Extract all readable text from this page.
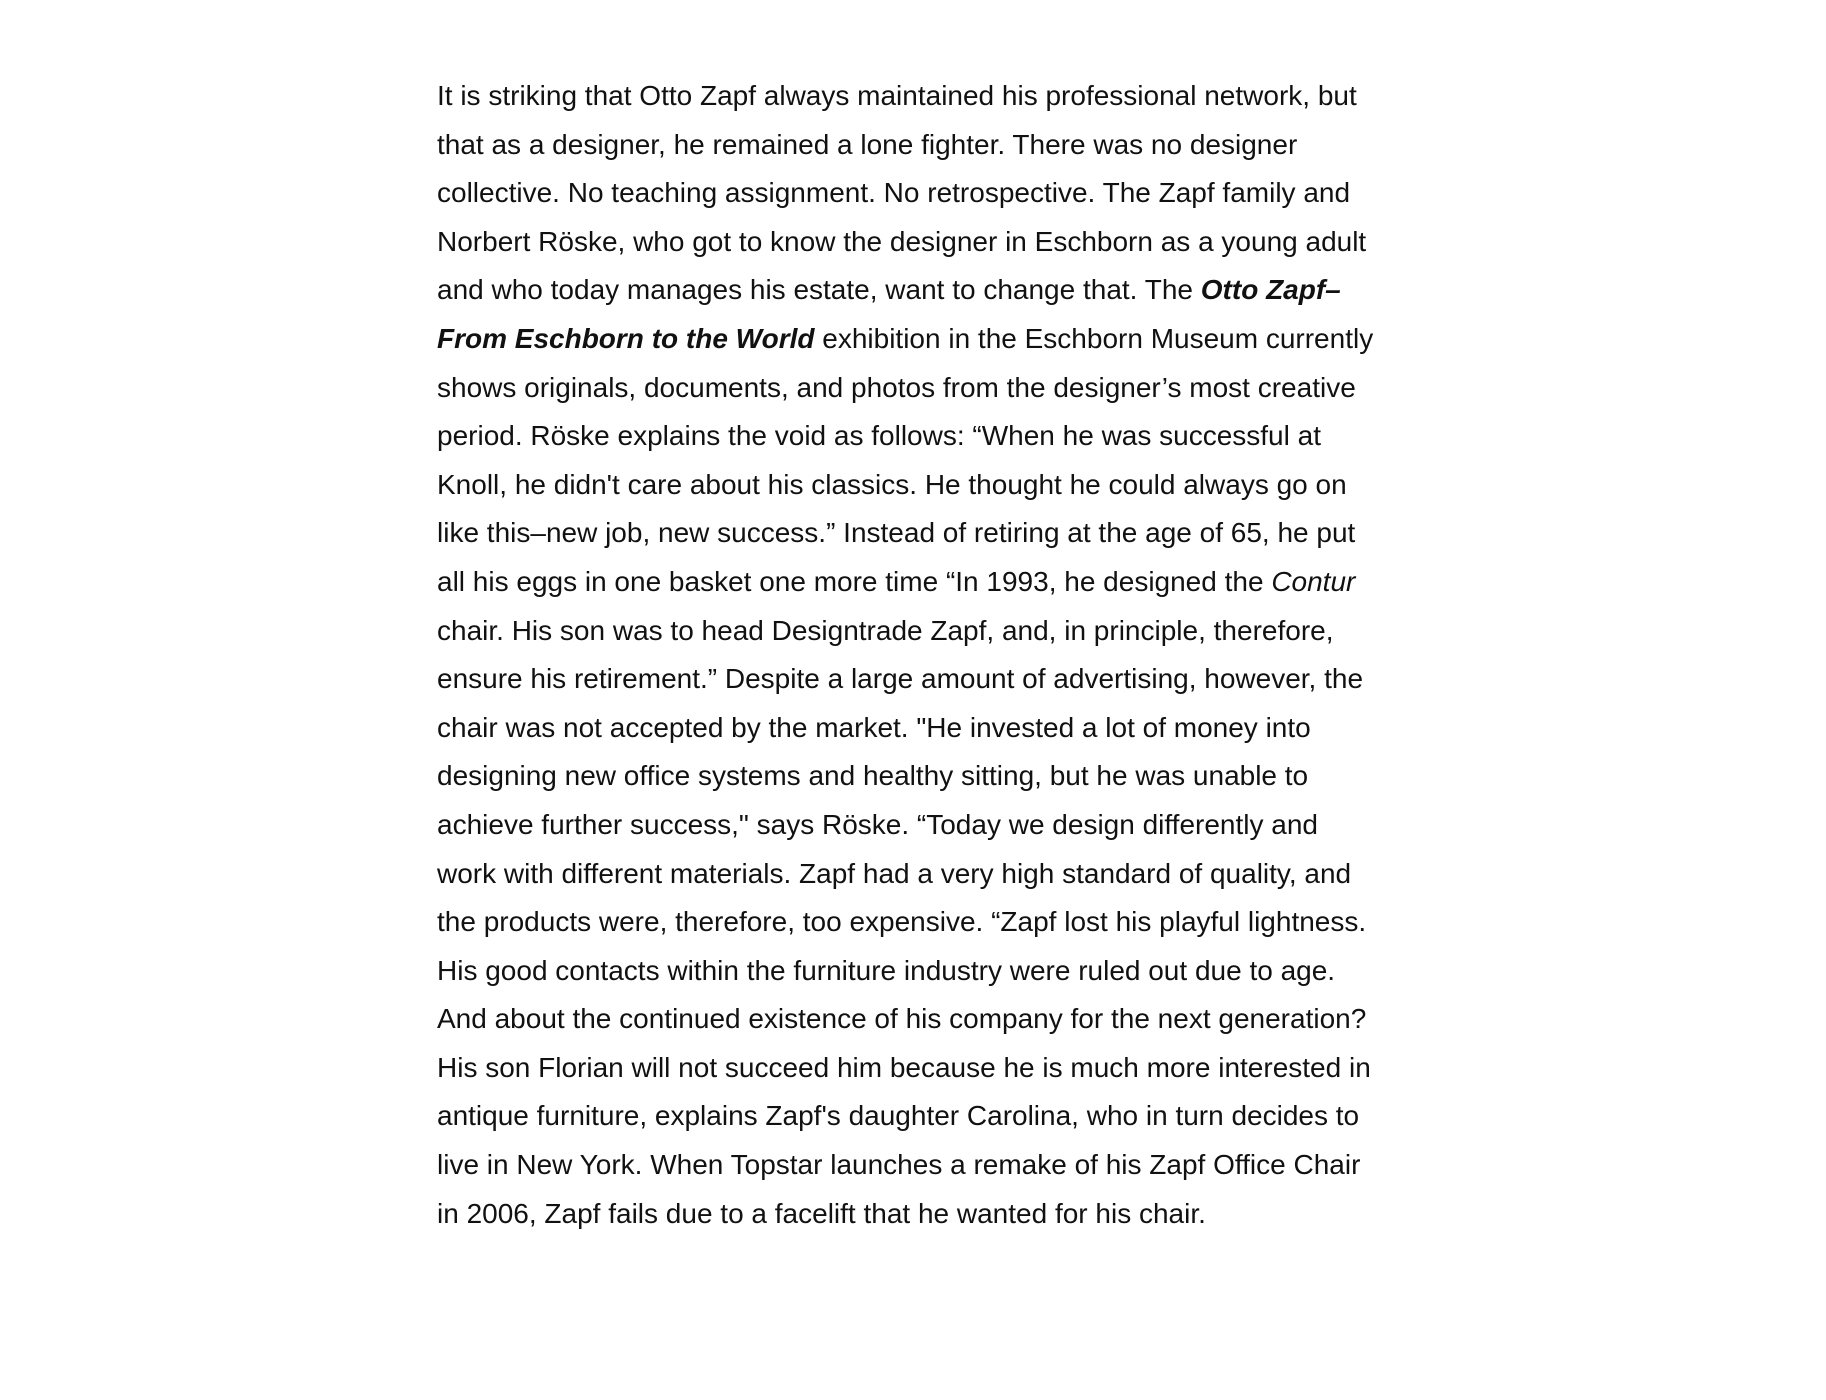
It is striking that Otto Zapf always maintained his professional network, but
that as a designer, he remained a lone fighter. There was no designer
collective. No teaching assignment. No retrospective. The Zapf family and
Norbert Röske, who got to know the designer in Eschborn as a young adult
and who today manages his estate, want to change that. The Otto Zapf–
From Eschborn to the World exhibition in the Eschborn Museum currently
shows originals, documents, and photos from the designer’s most creative
period. Röske explains the void as follows: “When he was successful at
Knoll, he didn't care about his classics. He thought he could always go on
like this–new job, new success.” Instead of retiring at the age of 65, he put
all his eggs in one basket one more time “In 1993, he designed the Contur
chair. His son was to head Designtrade Zapf, and, in principle, therefore,
ensure his retirement.” Despite a large amount of advertising, however, the
chair was not accepted by the market. "He invested a lot of money into
designing new office systems and healthy sitting, but he was unable to
achieve further success," says Röske. “Today we design differently and
work with different materials. Zapf had a very high standard of quality, and
the products were, therefore, too expensive. “Zapf lost his playful lightness.
His good contacts within the furniture industry were ruled out due to age.
And about the continued existence of his company for the next generation?
His son Florian will not succeed him because he is much more interested in
antique furniture, explains Zapf's daughter Carolina, who in turn decides to
live in New York. When Topstar launches a remake of his Zapf Office Chair
in 2006, Zapf fails due to a facelift that he wanted for his chair.
